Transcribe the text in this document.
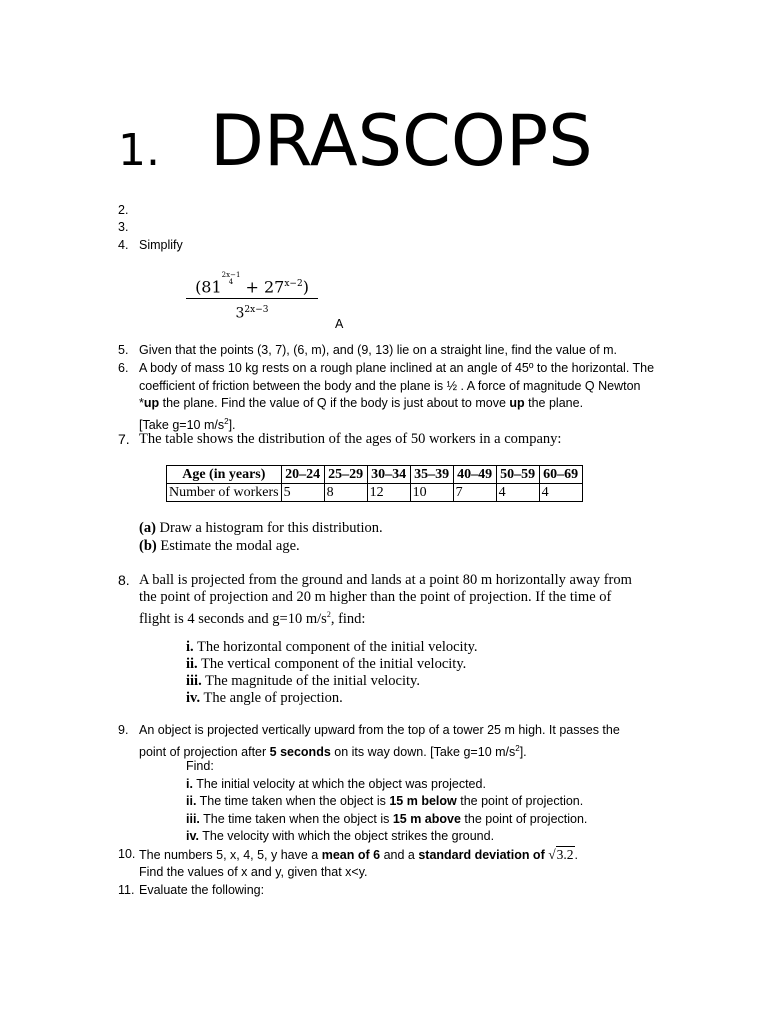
1. DRASCOPS
2.
3.
4. Simplify
(812x−1
$4 + 27^{x-2}$)
$3^{2x-3}$
A
5. Given that the points (3, 7), (6, m), and (9, 13) lie on a straight line, find the value of m.
6. A body of mass 10 kg rests on a rough plane inclined at an angle of 45º to the horizontal. The
coefficient of friction between the body and the plane is ½ . A force of magnitude Q Newton
*up the plane. Find the value of Q if the body is just about to move up the plane.
[Take g=10 $m/s^2$].
7. The table shows the distribution of the ages of 50 workers in a company:
Age (in years)	20–24	25–29	30–34	35–39	40–49	50–59	60–69
Number of workers	5	8	12	10	7	4	4
(a) Draw a histogram for this distribution.
(b) Estimate the modal age.
8. A ball is projected from the ground and lands at a point 80 m horizontally away from
the point of projection and 20 m higher than the point of projection. If the time of
flight is 4 seconds and g=10 $m/s^2$, find:
i. The horizontal component of the initial velocity.
ii. The vertical component of the initial velocity.
iii. The magnitude of the initial velocity.
iv. The angle of projection.
9. An object is projected vertically upward from the top of a tower 25 m high. It passes the
point of projection after 5 seconds on its way down. [Take g=10 $m/s^2$].
Find:
i. The initial velocity at which the object was projected.
ii. The time taken when the object is 15 m below the point of projection.
iii. The time taken when the object is 15 m above the point of projection.
iv. The velocity with which the object strikes the ground.
10. The numbers 5, x, 4, 5, y have a mean of 6 and a standard deviation of √3.2.
Find the values of x and y, given that x<y.
11. Evaluate the following:
